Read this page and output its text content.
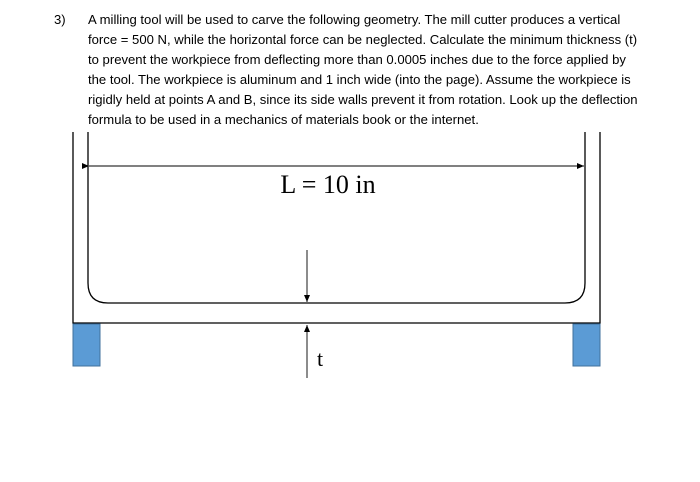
3)	A milling tool will be used to carve the following geometry. The mill cutter produces a vertical
force = 500 N, while the horizontal force can be neglected. Calculate the minimum thickness (t)
to prevent the workpiece from deflecting more than 0.0005 inches due to the force applied by
the tool. The workpiece is aluminum and 1 inch wide (into the page). Assume the workpiece is
rigidly held at points A and B, since its side walls prevent it from rotation. Look up the deflection
formula to be used in a mechanics of materials book or the internet.
L = 10 in
t
